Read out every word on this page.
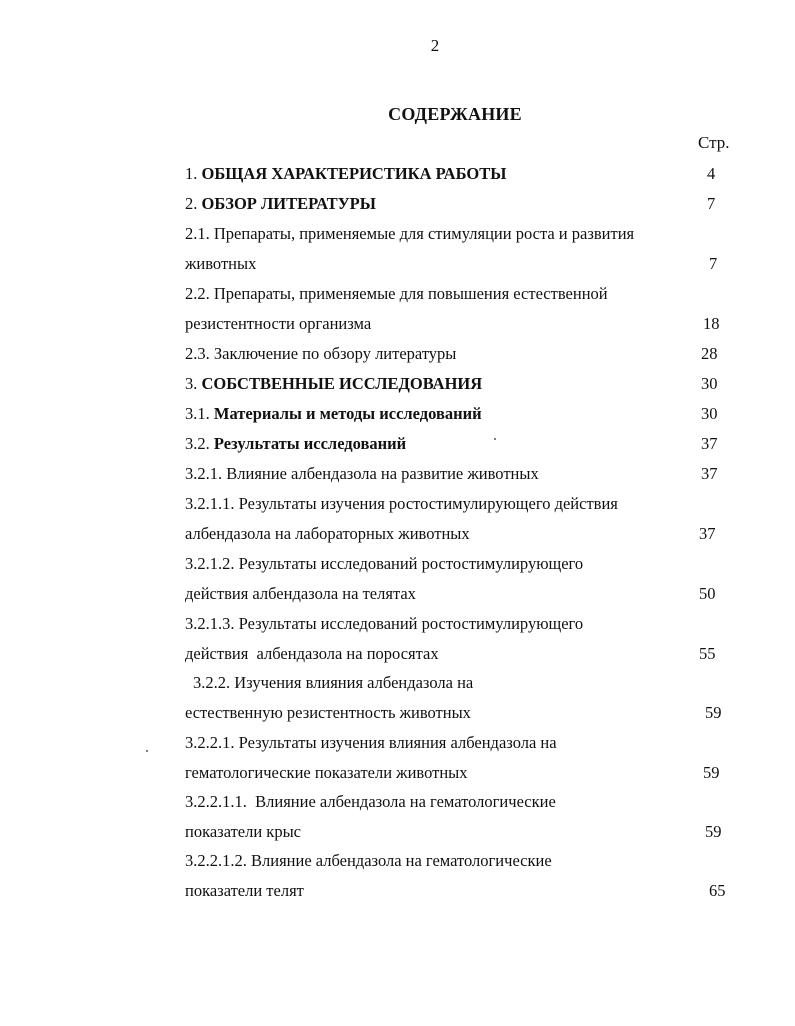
2
СОДЕРЖАНИЕ
Стр.
1. ОБЩАЯ ХАРАКТЕРИСТИКА РАБОТЫ	4
2. ОБЗОР ЛИТЕРАТУРЫ	7
2.1. Препараты, применяемые для стимуляции роста и развития
животных	7
2.2. Препараты, применяемые для повышения естественной
резистентности организма	18
2.3. Заключение по обзору литературы	28
3. СОБСТВЕННЫЕ ИССЛЕДОВАНИЯ	30
3.1. Материалы и методы исследований	30
3.2. Результаты исследований	37
3.2.1. Влияние албендазола на развитие животных	37
3.2.1.1. Результаты изучения ростостимулирующего действия
албендазола на лабораторных животных	37
3.2.1.2. Результаты исследований ростостимулирующего
действия албендазола на телятах	50
3.2.1.3. Результаты исследований ростостимулирующего
действия  албендазола на поросятах	55
3.2.2. Изучения влияния албендазола на
естественную резистентность животных	59
3.2.2.1. Результаты изучения влияния албендазола на
гематологические показатели животных	59
3.2.2.1.1.  Влияние албендазола на гематологические
показатели крыс	59
3.2.2.1.2. Влияние албендазола на гематологические
показатели телят	65
